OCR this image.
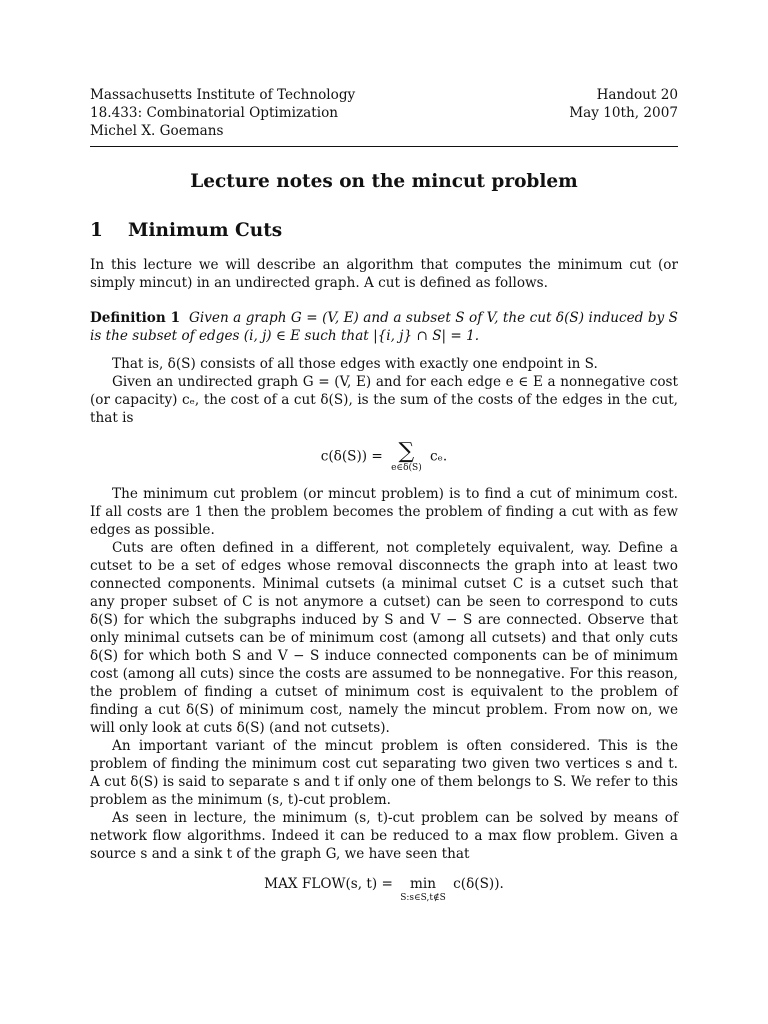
Massachusetts Institute of Technology
18.433: Combinatorial Optimization
Michel X. Goemans
Handout 20
May 10th, 2007
Lecture notes on the mincut problem
1 Minimum Cuts

In this lecture we will describe an algorithm that computes the minimum cut (or simply mincut) in an undirected graph. A cut is defined as follows.

Definition 1 Given a graph G = (V, E) and a subset S of V, the cut δ(S) induced by S is the subset of edges (i, j) ∈ E such that |{i, j} ∩ S| = 1.

That is, δ(S) consists of all those edges with exactly one endpoint in S.

Given an undirected graph G = (V, E) and for each edge e ∈ E a nonnegative cost (or capacity) cₑ, the cost of a cut δ(S), is the sum of the costs of the edges in the cut, that is

c(δ(S)) = ∑
e∈δ(S)
cₑ.

The minimum cut problem (or mincut problem) is to find a cut of minimum cost. If all costs are 1 then the problem becomes the problem of finding a cut with as few edges as possible.

Cuts are often defined in a different, not completely equivalent, way. Define a cutset to be a set of edges whose removal disconnects the graph into at least two connected components. Minimal cutsets (a minimal cutset C is a cutset such that any proper subset of C is not anymore a cutset) can be seen to correspond to cuts δ(S) for which the subgraphs induced by S and V − S are connected. Observe that only minimal cutsets can be of minimum cost (among all cutsets) and that only cuts δ(S) for which both S and V − S induce connected components can be of minimum cost (among all cuts) since the costs are assumed to be nonnegative. For this reason, the problem of finding a cutset of minimum cost is equivalent to the problem of finding a cut δ(S) of minimum cost, namely the mincut problem. From now on, we will only look at cuts δ(S) (and not cutsets).

An important variant of the mincut problem is often considered. This is the problem of finding the minimum cost cut separating two given two vertices s and t. A cut δ(S) is said to separate s and t if only one of them belongs to S. We refer to this problem as the minimum (s, t)-cut problem.

As seen in lecture, the minimum (s, t)-cut problem can be solved by means of network flow algorithms. Indeed it can be reduced to a max flow problem. Given a source s and a sink t of the graph G, we have seen that

MAX FLOW(s, t) = min
S:s∈S,t∉S
c(δ(S)).
